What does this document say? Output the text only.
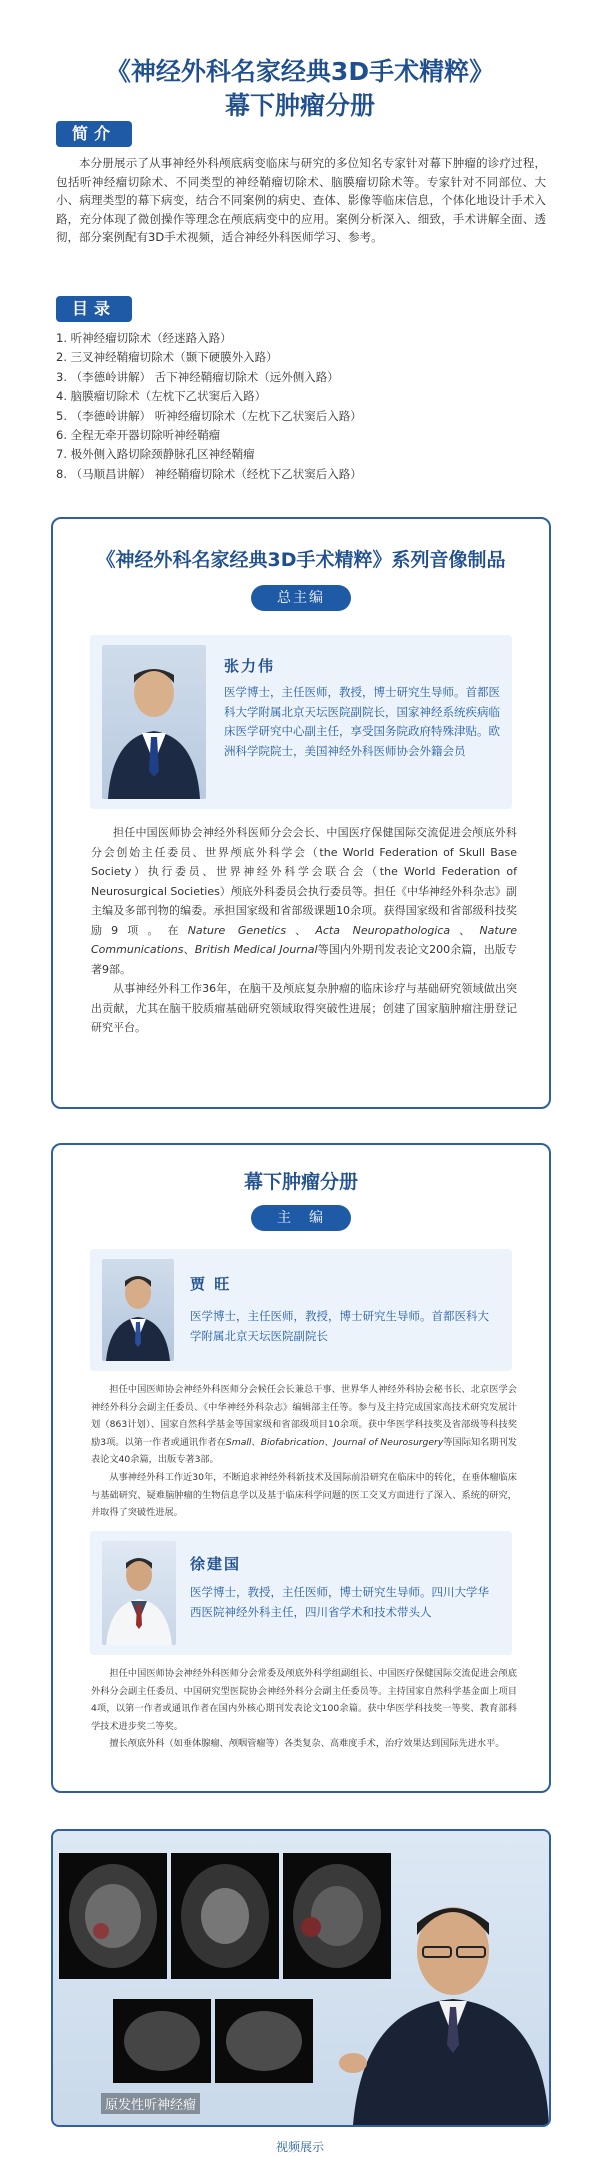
《神经外科名家经典3D手术精粹》
幕下肿瘤分册
简介
本分册展示了从事神经外科颅底病变临床与研究的多位知名专家针对幕下肿瘤的诊疗过程，包括听神经瘤切除术、不同类型的神经鞘瘤切除术、脑膜瘤切除术等。专家针对不同部位、大小、病理类型的幕下病变，结合不同案例的病史、查体、影像等临床信息，个体化地设计手术入路，充分体现了微创操作等理念在颅底病变中的应用。案例分析深入、细致，手术讲解全面、透彻，部分案例配有3D手术视频，适合神经外科医师学习、参考。
目录
1. 听神经瘤切除术（经迷路入路）
2. 三叉神经鞘瘤切除术（颞下硬膜外入路）
3. （李德岭讲解） 舌下神经鞘瘤切除术（远外侧入路）
4. 脑膜瘤切除术（左枕下乙状窦后入路）
5. （李德岭讲解） 听神经瘤切除术（左枕下乙状窦后入路）
6. 全程无牵开器切除听神经鞘瘤
7. 极外侧入路切除颈静脉孔区神经鞘瘤
8. （马顺昌讲解） 神经鞘瘤切除术（经枕下乙状窦后入路）
《神经外科名家经典3D手术精粹》系列音像制品
总主编
张力伟
医学博士，主任医师，教授，博士研究生导师。首都医科大学附属北京天坛医院副院长，国家神经系统疾病临床医学研究中心副主任，享受国务院政府特殊津贴。欧洲科学院院士，美国神经外科医师协会外籍会员

担任中国医师协会神经外科医师分会会长、中国医疗保健国际交流促进会颅底外科分会创始主任委员、世界颅底外科学会（the World Federation of Skull Base Society）执行委员、世界神经外科学会联合会（the World Federation of Neurosurgical Societies）颅底外科委员会执行委员等。担任《中华神经外科杂志》副主编及多部刊物的编委。承担国家级和省部级课题10余项。获得国家级和省部级科技奖励9项。在Nature Genetics、Acta Neuropathologica、Nature Communications、British Medical Journal等国内外期刊发表论文200余篇，出版专著9部。

从事神经外科工作36年，在脑干及颅底复杂肿瘤的临床诊疗与基础研究领域做出突出贡献，尤其在脑干胶质瘤基础研究领域取得突破性进展；创建了国家脑肿瘤注册登记研究平台。

幕下肿瘤分册
主　编
贾 旺
医学博士，主任医师，教授，博士研究生导师。首都医科大学附属北京天坛医院副院长

担任中国医师协会神经外科医师分会候任会长兼总干事、世界华人神经外科协会秘书长、北京医学会神经外科分会副主任委员、《中华神经外科杂志》编辑部主任等。参与及主持完成国家高技术研究发展计划（863计划）、国家自然科学基金等国家级和省部级项目10余项。获中华医学科技奖及省部级等科技奖励3项。以第一作者或通讯作者在Small、Biofabrication、Journal of Neurosurgery等国际知名期刊发表论文40余篇，出版专著3部。

从事神经外科工作近30年，不断追求神经外科新技术及国际前沿研究在临床中的转化，在垂体瘤临床与基础研究、疑难脑肿瘤的生物信息学以及基于临床科学问题的医工交叉方面进行了深入、系统的研究，并取得了突破性进展。

徐建国
医学博士，教授，主任医师，博士研究生导师。四川大学华西医院神经外科主任，四川省学术和技术带头人

担任中国医师协会神经外科医师分会常委及颅底外科学组副组长、中国医疗保健国际交流促进会颅底外科分会副主任委员、中国研究型医院协会神经外科分会副主任委员等。主持国家自然科学基金面上项目4项，以第一作者或通讯作者在国内外核心期刊发表论文100余篇。获中华医学科技奖一等奖、教育部科学技术进步奖二等奖。

擅长颅底外科（如垂体腺瘤、颅咽管瘤等）各类复杂、高难度手术，治疗效果达到国际先进水平。

原发性听神经瘤
视频展示
